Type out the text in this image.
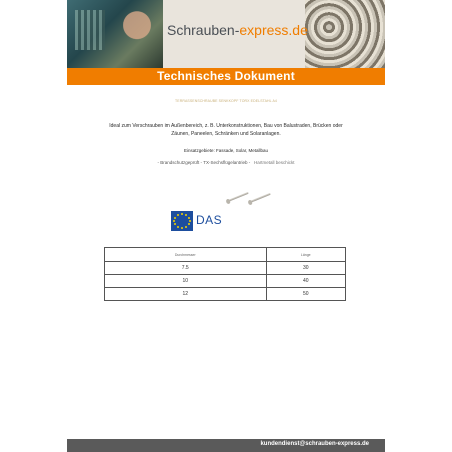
Schrauben-express.de
Technisches Dokument
TERRASSENSCHRAUBE SENKKOPF TORX EDELSTAHL A4
Ideal zum Verschrauben im Außenbereich, z. B. Unterkonstruktionen, Bau von Balustraden, Brücken oder Zäunen, Paneelen, Schränken und Solaranlagen.
Einsatzgebiete: Fassade, Solar, Metallbau
- Brandschutzgeprüft - TX-Sechsflügelantrieb - Hartmetall beschickt
DAS
Durchmesser	Länge
7.5	30
10	40
12	50
kundendienst@schrauben-express.de
